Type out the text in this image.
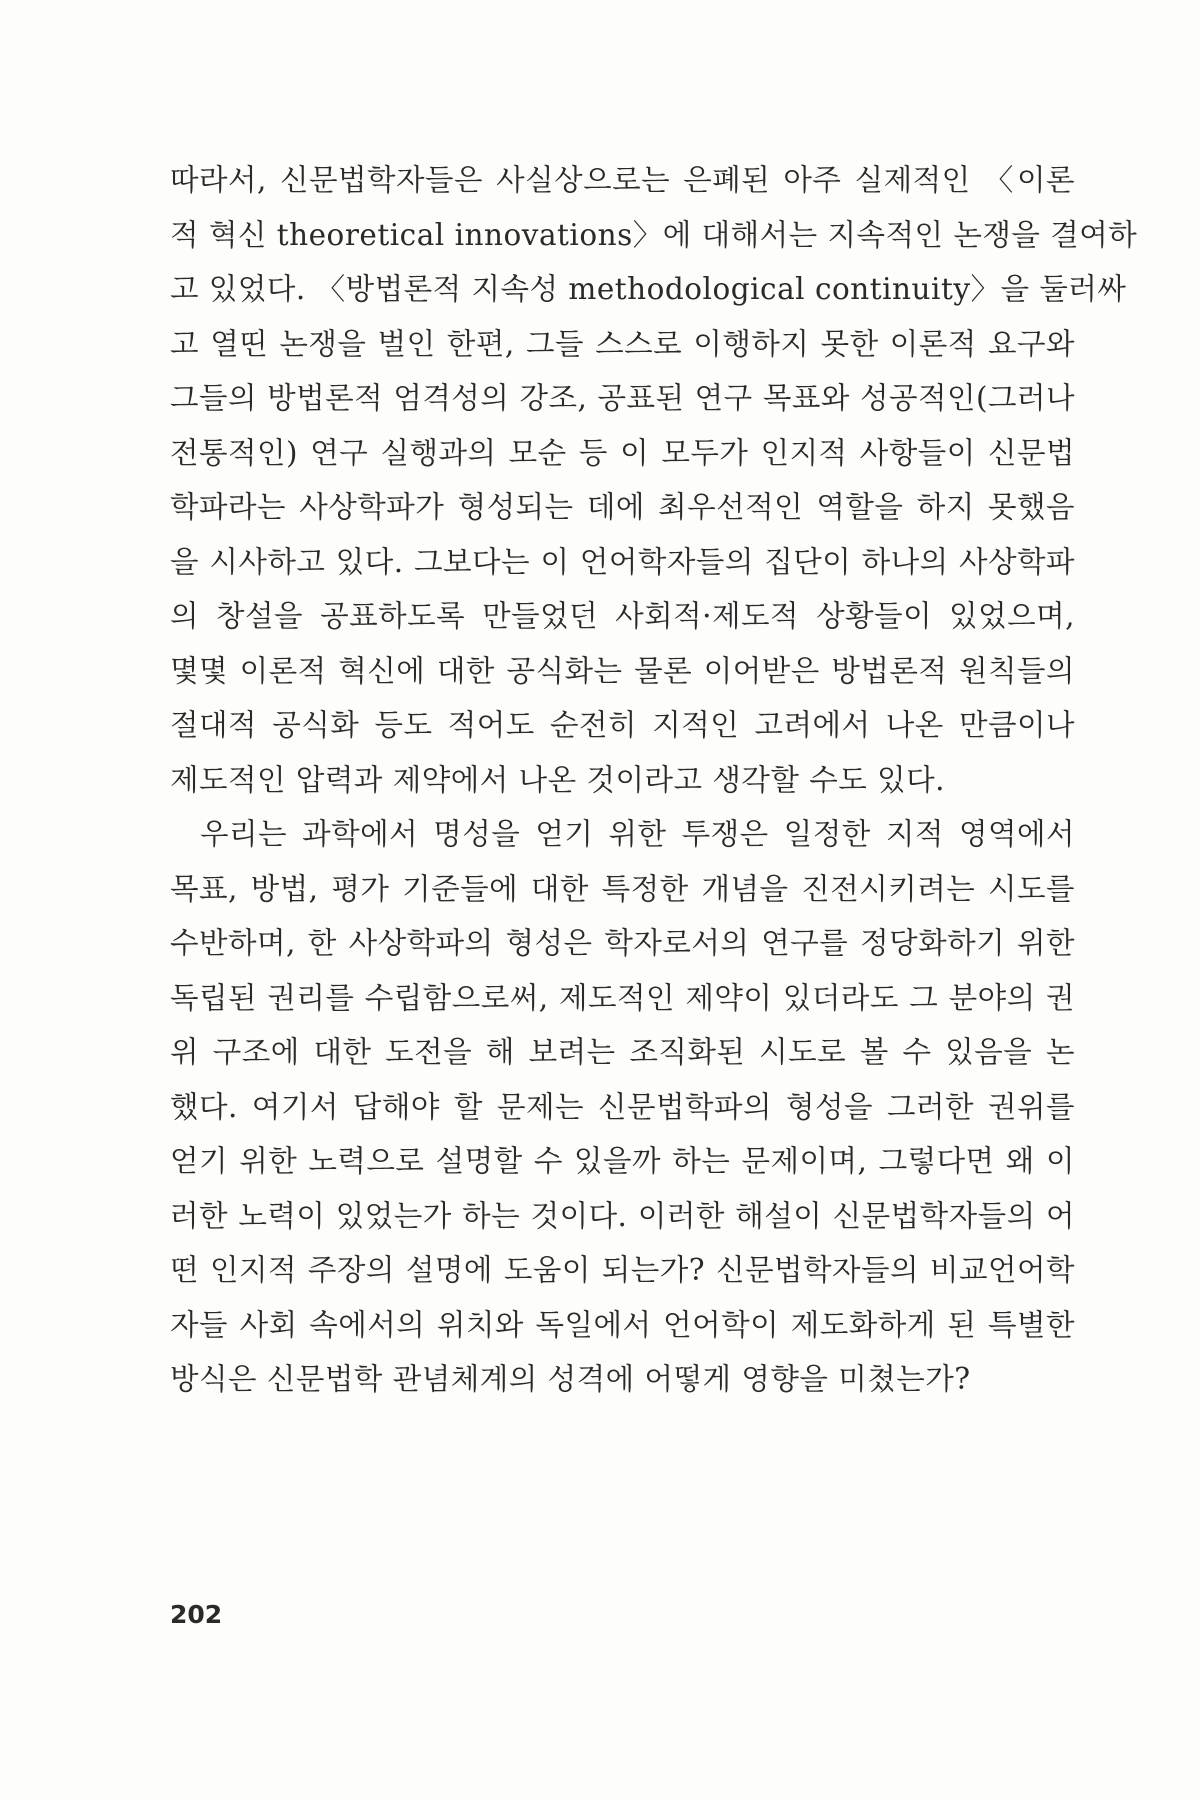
따라서, 신문법학자들은 사실상으로는 은폐된 아주 실제적인 〈이론
적 혁신 theoretical innovations〉에 대해서는 지속적인 논쟁을 결여하
고 있었다. 〈방법론적 지속성 methodological continuity〉을 둘러싸
고 열띤 논쟁을 벌인 한편, 그들 스스로 이행하지 못한 이론적 요구와
그들의 방법론적 엄격성의 강조, 공표된 연구 목표와 성공적인(그러나
전통적인) 연구 실행과의 모순 등 이 모두가 인지적 사항들이 신문법
학파라는 사상학파가 형성되는 데에 최우선적인 역할을 하지 못했음
을 시사하고 있다. 그보다는 이 언어학자들의 집단이 하나의 사상학파
의 창설을 공표하도록 만들었던 사회적·제도적 상황들이 있었으며,
몇몇 이론적 혁신에 대한 공식화는 물론 이어받은 방법론적 원칙들의
절대적 공식화 등도 적어도 순전히 지적인 고려에서 나온 만큼이나
제도적인 압력과 제약에서 나온 것이라고 생각할 수도 있다.
우리는 과학에서 명성을 얻기 위한 투쟁은 일정한 지적 영역에서
목표, 방법, 평가 기준들에 대한 특정한 개념을 진전시키려는 시도를
수반하며, 한 사상학파의 형성은 학자로서의 연구를 정당화하기 위한
독립된 권리를 수립함으로써, 제도적인 제약이 있더라도 그 분야의 권
위 구조에 대한 도전을 해 보려는 조직화된 시도로 볼 수 있음을 논
했다. 여기서 답해야 할 문제는 신문법학파의 형성을 그러한 권위를
얻기 위한 노력으로 설명할 수 있을까 하는 문제이며, 그렇다면 왜 이
러한 노력이 있었는가 하는 것이다. 이러한 해설이 신문법학자들의 어
떤 인지적 주장의 설명에 도움이 되는가? 신문법학자들의 비교언어학
자들 사회 속에서의 위치와 독일에서 언어학이 제도화하게 된 특별한
방식은 신문법학 관념체계의 성격에 어떻게 영향을 미쳤는가?
202
